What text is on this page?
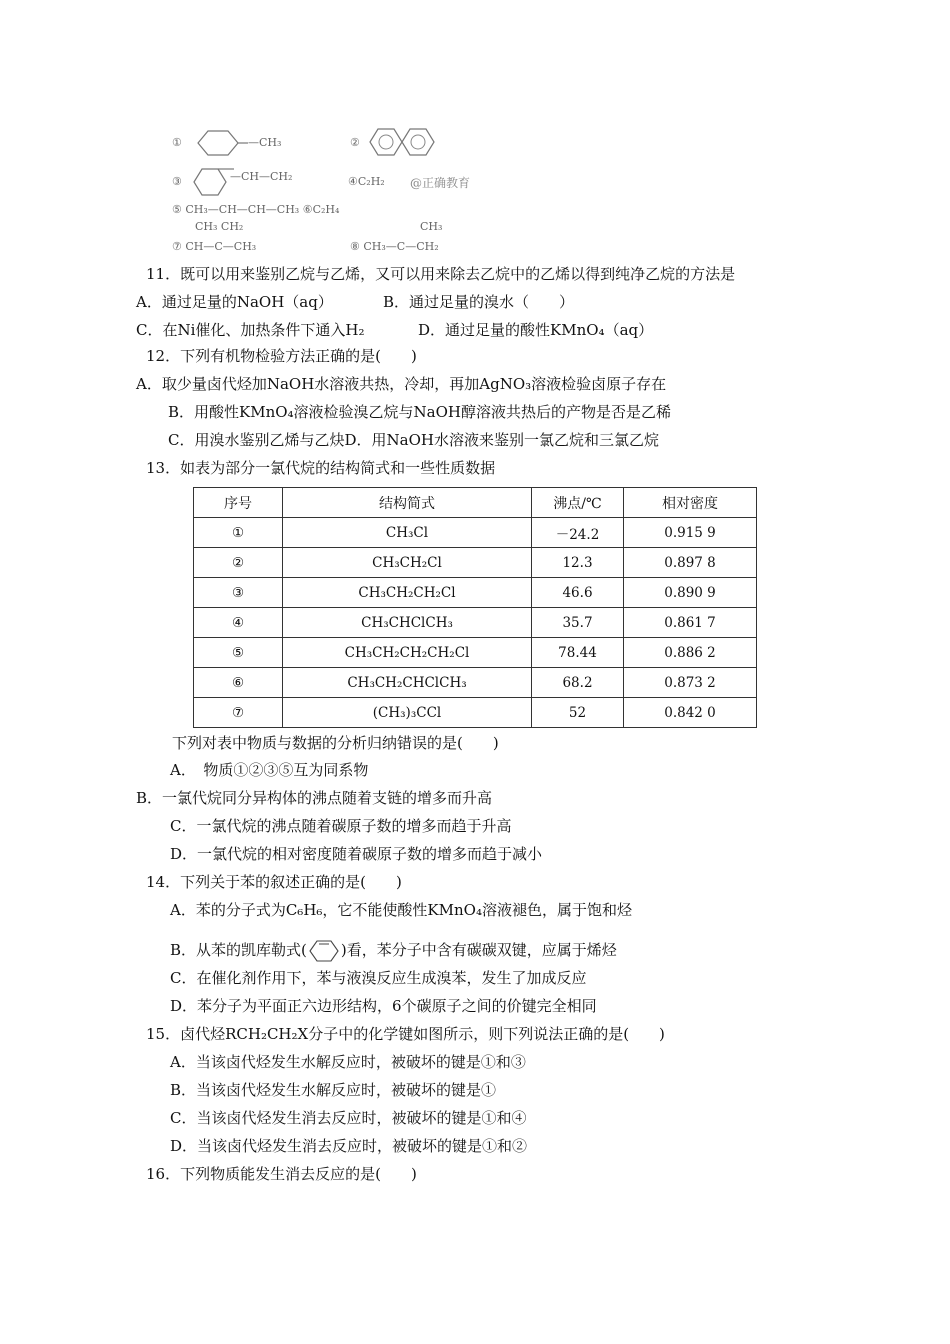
①	—CH₃	②
③	—CH—CH₂	④C₂H₂ @正确教育
⑤ CH₃—CH—CH—CH₃ ⑥C₂H₄
CH₃ CH₂
⑦ CH—C—CH₃
CH₃
⑧ CH₃—C—CH₂
11．既可以用来鉴别乙烷与乙烯，又可以用来除去乙烷中的乙烯以得到纯净乙烷的方法是
A．通过足量的NaOH（aq）	B．通过足量的溴水（　　）
C．在Ni催化、加热条件下通入H₂	D．通过足量的酸性KMnO₄（aq）
12．下列有机物检验方法正确的是(　　)
A．取少量卤代烃加NaOH水溶液共热，冷却，再加AgNO₃溶液检验卤原子存在
B．用酸性KMnO₄溶液检验溴乙烷与NaOH醇溶液共热后的产物是否是乙稀
C．用溴水鉴别乙烯与乙炔D．用NaOH水溶液来鉴别一氯乙烷和三氯乙烷
13．如表为部分一氯代烷的结构简式和一些性质数据
序号	结构简式	沸点/℃	相对密度
①	CH₃Cl	－24.2	0.915 9
②	CH₃CH₂Cl	12.3	0.897 8
③	CH₃CH₂CH₂Cl	46.6	0.890 9
④	CH₃CHClCH₃	35.7	0.861 7
⑤	CH₃CH₂CH₂CH₂Cl	78.44	0.886 2
⑥	CH₃CH₂CHClCH₃	68.2	0.873 2
⑦	(CH₃)₃CCl	52	0.842 0
下列对表中物质与数据的分析归纳错误的是(　　)
A．　物质①②③⑤互为同系物
B．一氯代烷同分异构体的沸点随着支链的增多而升高
C．一氯代烷的沸点随着碳原子数的增多而趋于升高
D．一氯代烷的相对密度随着碳原子数的增多而趋于减小
14．下列关于苯的叙述正确的是(　　)
A．苯的分子式为C₆H₆，它不能使酸性KMnO₄溶液褪色，属于饱和烃
B．从苯的凯库勒式( )看，苯分子中含有碳碳双键，应属于烯烃
C．在催化剂作用下，苯与液溴反应生成溴苯，发生了加成反应
D．苯分子为平面正六边形结构，6个碳原子之间的价键完全相同
15．卤代烃RCH₂CH₂X分子中的化学键如图所示，则下列说法正确的是(　　)
A．当该卤代烃发生水解反应时，被破坏的键是①和③
B．当该卤代烃发生水解反应时，被破坏的键是①
C．当该卤代烃发生消去反应时，被破坏的键是①和④
D．当该卤代烃发生消去反应时，被破坏的键是①和②
16．下列物质能发生消去反应的是(　　)
